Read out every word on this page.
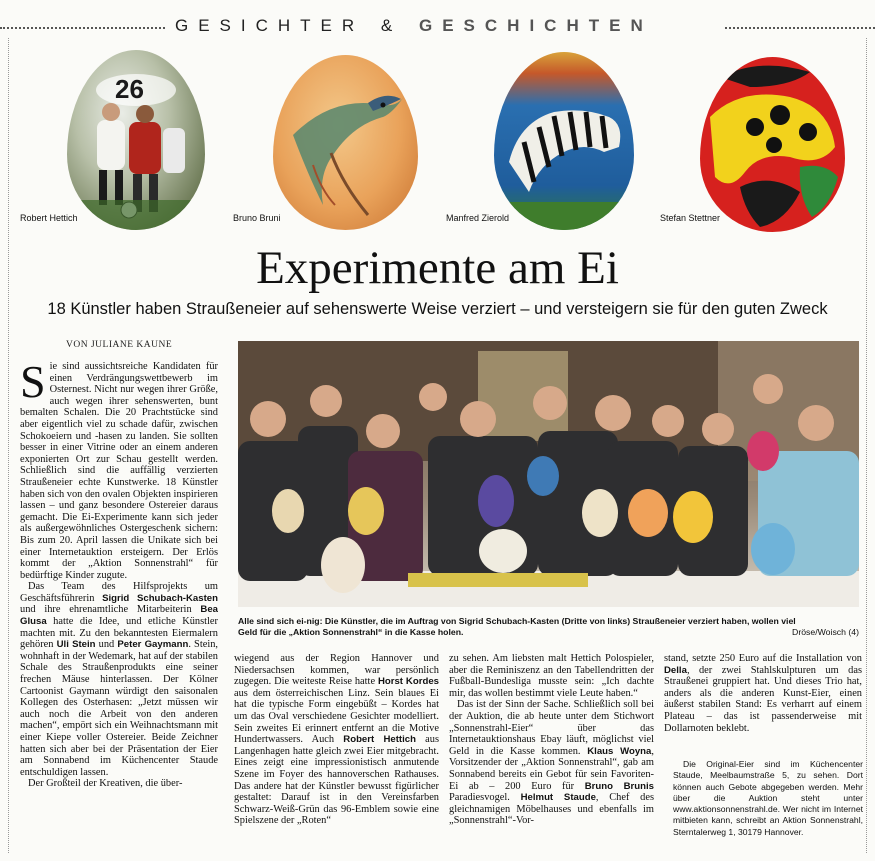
GESICHTER & GESCHICHTEN
26
Robert Hettich	Bruno Bruni	Manfred Zierold	Stefan Stettner
Experimente am Ei
18 Künstler haben Straußeneier auf sehenswerte Weise verziert – und versteigern sie für den guten Zweck
VON JULIANE KAUNE

Sie sind aussichtsreiche Kandidaten für einen Verdrängungswettbewerb im Osternest. Nicht nur wegen ihrer Größe, auch wegen ihrer sehenswerten, bunt bemalten Schalen. Die 20 Prachtstücke sind aber eigentlich viel zu schade dafür, zwischen Schokoeiern und -hasen zu landen. Sie sollten besser in einer Vitrine oder an einem anderen exponierten Ort zur Schau gestellt werden. Schließlich sind die auffällig verzierten Straußeneier echte Kunstwerke. 18 Künstler haben sich von den ovalen Objekten inspirieren lassen – und ganz besondere Ostereier daraus gemacht. Die Ei-Experimente kann sich jeder als außergewöhnliches Ostergeschenk sichern: Bis zum 20. April lassen die Unikate sich bei einer Internetauktion ersteigern. Der Erlös kommt der „Aktion Sonnenstrahl“ für bedürftige Kinder zugute.

Das Team des Hilfsprojekts um Geschäftsführerin Sigrid Schubach-Kasten und ihre ehrenamtliche Mitarbeiterin Bea Glusa hatte die Idee, und etliche Künstler machten mit. Zu den bekanntesten Eiermalern gehören Uli Stein und Peter Gaymann. Stein, wohnhaft in der Wedemark, hat auf der stabilen Schale des Straußenprodukts eine seiner frechen Mäuse hinterlassen. Der Kölner Cartoonist Gaymann würdigt den saisonalen Kollegen des Osterhasen: „Jetzt müssen wir auch noch die Arbeit von den anderen machen“, empört sich ein Weihnachtsmann mit einer Kiepe voller Ostereier. Beide Zeichner hatten sich aber bei der Präsentation der Eier am Sonnabend im Küchencenter Staude entschuldigen lassen.

Der Großteil der Kreativen, die über-

Alle sind sich ei-nig: Die Künstler, die im Auftrag von Sigrid Schubach-Kasten (Dritte von links) Straußeneier verziert haben, wollen viel Geld für die „Aktion Sonnenstrahl“ in die Kasse holen.	Dröse/Woisch (4)

wiegend aus der Region Hannover und Niedersachsen kommen, war persönlich zugegen. Die weiteste Reise hatte Horst Kordes aus dem österreichischen Linz. Sein blaues Ei hat die typische Form eingebüßt – Kordes hat um das Oval verschiedene Gesichter modelliert. Sein zweites Ei erinnert entfernt an die Motive Hundertwassers. Auch Robert Hettich aus Langenhagen hatte gleich zwei Eier mitgebracht. Eines zeigt eine impressionistisch anmutende Szene im Foyer des hannoverschen Rathauses. Das andere hat der Künstler bewusst figürlicher gestaltet: Darauf ist in den Vereinsfarben Schwarz-Weiß-Grün das 96-Emblem sowie eine Spielszene der „Roten“

zu sehen. Am liebsten malt Hettich Polospieler, aber die Reminiszenz an den Tabellendritten der Fußball-Bundesliga musste sein: „Ich dachte mir, das wollen bestimmt viele Leute haben.“

Das ist der Sinn der Sache. Schließlich soll bei der Auktion, die ab heute unter dem Stichwort „Sonnenstrahl-Eier“ über das Internetauktionshaus Ebay läuft, möglichst viel Geld in die Kasse kommen. Klaus Woyna, Vorsitzender der „Aktion Sonnenstrahl“, gab am Sonnabend bereits ein Gebot für sein Favoriten-Ei ab – 200 Euro für Bruno Brunis Paradiesvogel. Helmut Staude, Chef des gleichnamigen Möbelhauses und ebenfalls im „Sonnenstrahl“-Vor-

stand, setzte 250 Euro auf die Installation von Della, der zwei Stahlskulpturen um das Straußenei gruppiert hat. Und dieses Trio hat, anders als die anderen Kunst-Eier, einen äußerst stabilen Stand: Es verharrt auf einem Plateau – das ist passenderweise mit Dollarnoten beklebt.

Die Original-Eier sind im Küchencenter Staude, Meelbaumstraße 5, zu sehen. Dort können auch Gebote abgegeben werden. Mehr über die Auktion steht unter www.aktionsonnenstrahl.de. Wer nicht im Internet mitbieten kann, schreibt an Aktion Sonnenstrahl, Sterntalerweg 1, 30179 Hannover.
